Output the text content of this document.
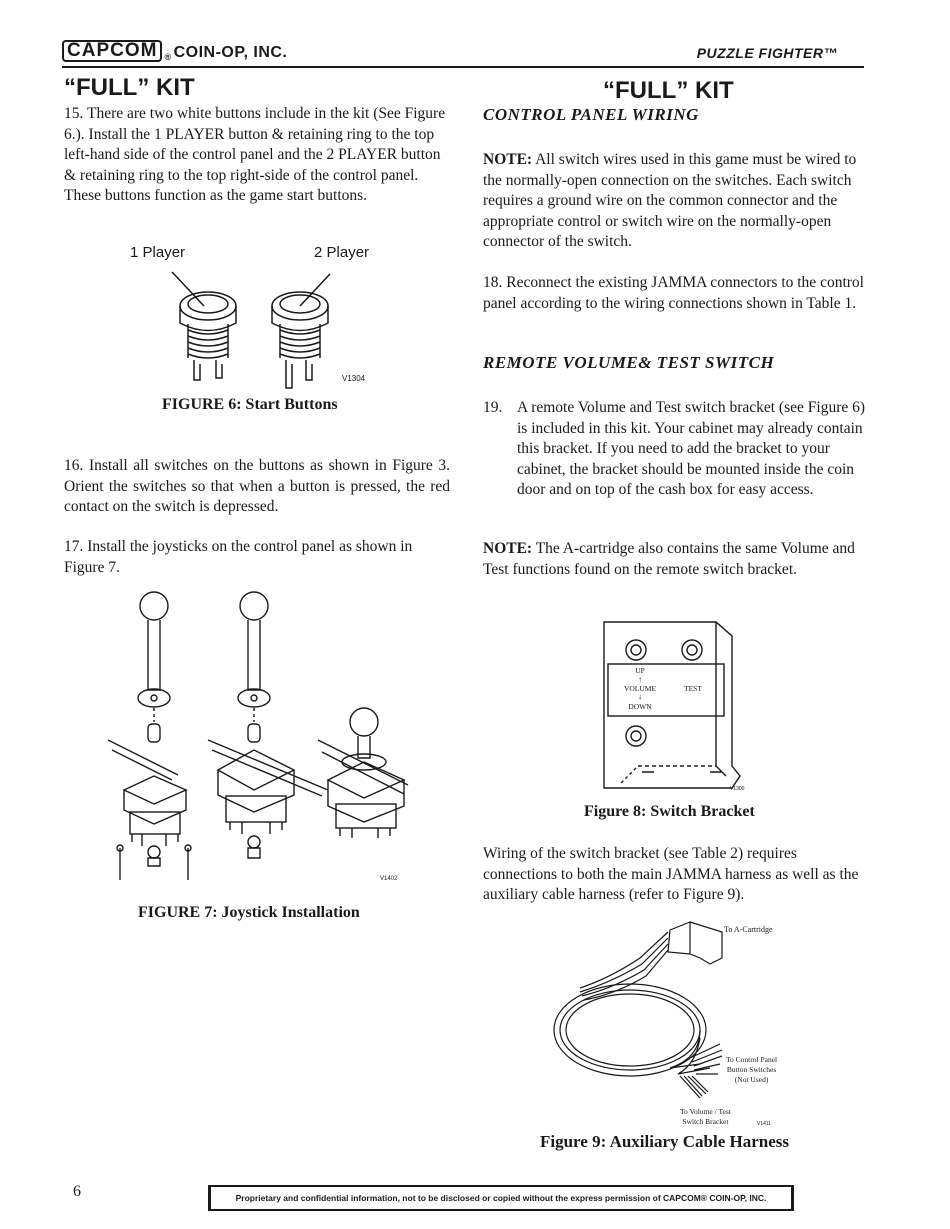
CAPCOM ® COIN-OP, INC.	PUZZLE FIGHTER™
“FULL” KIT
15. There are two white buttons include in the kit (See Figure 6.). Install the 1 PLAYER button & retaining ring to the top left-hand side of the control panel and the 2 PLAYER button & retaining ring to the top right-side of the control panel. These buttons function as the game start buttons.
1 Player	2 Player
V1304
FIGURE 6: Start Buttons
16. Install all switches on the buttons as shown in Figure 3. Orient the switches so that when a button is pressed, the red contact on the switch is depressed.
17. Install the joysticks on the control panel as shown in Figure 7.
V1402
FIGURE 7: Joystick Installation
“FULL” KIT
CONTROL PANEL WIRING
NOTE: All switch wires used in this game must be wired to the normally-open connection on the switches. Each switch requires a ground wire on the common connector and the appropriate control or switch wire on the normally-open connector of the switch.
18. Reconnect the existing JAMMA connectors to the control panel according to the wiring connections shown in Table 1.
REMOTE VOLUME& TEST SWITCH
19. A remote Volume and Test switch bracket (see Figure 6) is included in this kit. Your cabinet may already contain this bracket. If you need to add the bracket to your cabinet, the bracket should be mounted inside the coin door and on top of the cash box for easy access.
NOTE: The A-cartridge also contains the same Volume and Test functions found on the remote switch bracket.
UP
↑
VOLUME
↓
DOWN
TEST
V1300
Figure 8: Switch Bracket
Wiring of the switch bracket (see Table 2) requires connections to both the main JAMMA harness as well as the auxiliary cable harness (refer to Figure 9).
To A-Cartridge
To Control Panel
Button Switches
(Not Used)
To Volume / Test
Switch Bracket	V1411
Figure 9: Auxiliary Cable Harness
6	Proprietary and confidential information, not to be disclosed or copied without the express permission of CAPCOM® COIN-OP, INC.
